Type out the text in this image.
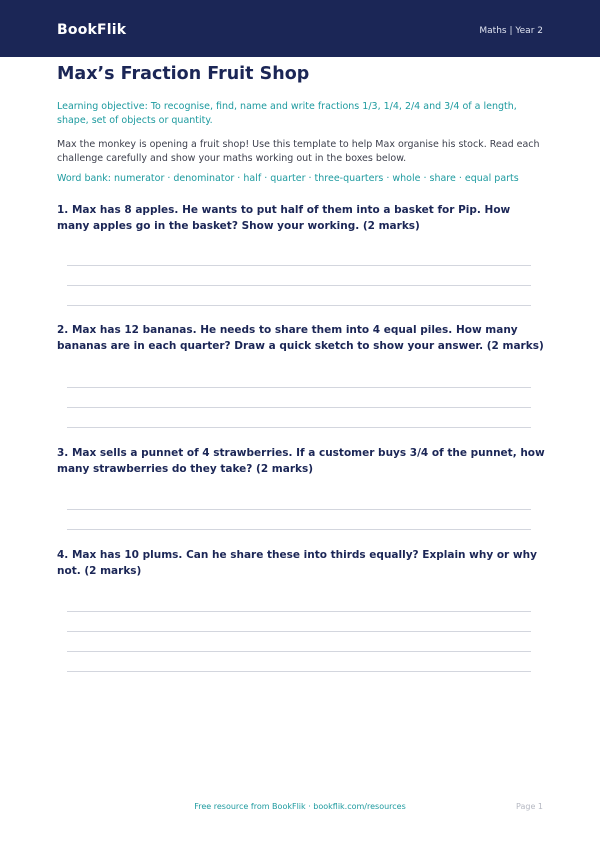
BookFlik	Maths | Year 2
Max’s Fraction Fruit Shop

Learning objective: To recognise, find, name and write fractions 1/3, 1/4, 2/4 and 3/4 of a length, shape, set of objects or quantity.

Max the monkey is opening a fruit shop! Use this template to help Max organise his stock. Read each challenge carefully and show your maths working out in the boxes below.

Word bank: numerator · denominator · half · quarter · three-quarters · whole · share · equal parts

1. Max has 8 apples. He wants to put half of them into a basket for Pip. How many apples go in the basket? Show your working. (2 marks)

2. Max has 12 bananas. He needs to share them into 4 equal piles. How many bananas are in each quarter? Draw a quick sketch to show your answer. (2 marks)

3. Max sells a punnet of 4 strawberries. If a customer buys 3/4 of the punnet, how many strawberries do they take? (2 marks)

4. Max has 10 plums. Can he share these into thirds equally? Explain why or why not. (2 marks)

Free resource from BookFlik · bookflik.com/resources	Page 1
